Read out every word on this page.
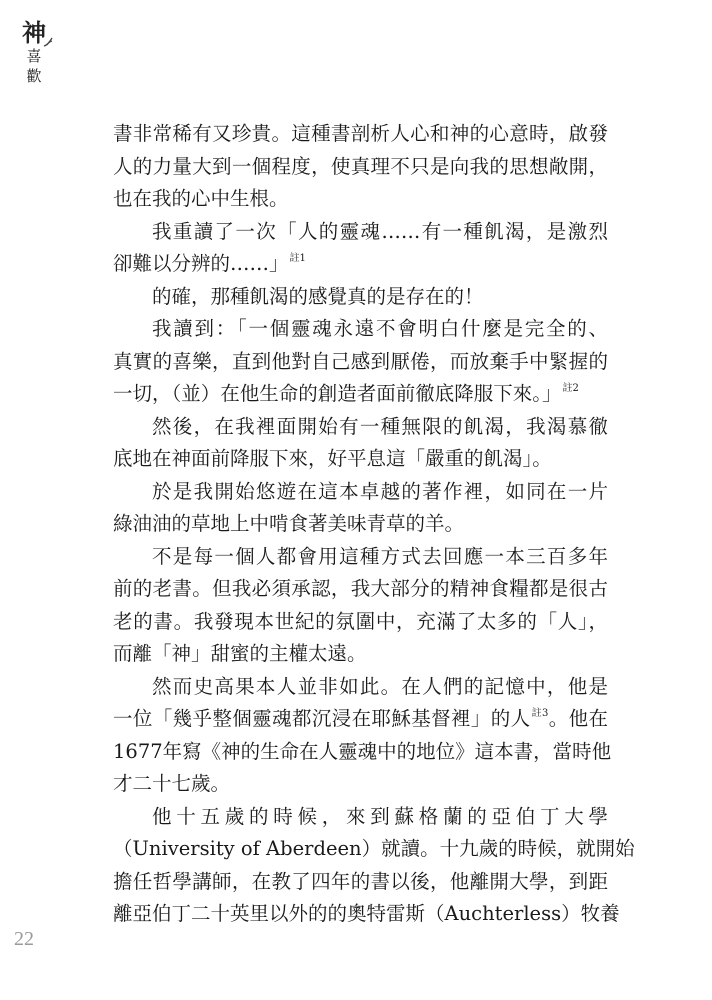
神
喜
歡
22
書非常稀有又珍貴。這種書剖析人心和神的心意時，啟發
人的力量大到一個程度，使真理不只是向我的思想敞開，
也在我的心中生根。
我重讀了一次「人的靈魂……有一種飢渴，是激烈
卻難以分辨的……」$^{註1}$
的確，那種飢渴的感覺真的是存在的！
我讀到：「一個靈魂永遠不會明白什麼是完全的、
真實的喜樂，直到他對自己感到厭倦，而放棄手中緊握的
一切，（並）在他生命的創造者面前徹底降服下來。」$^{註2}$
然後，在我裡面開始有一種無限的飢渴，我渴慕徹
底地在神面前降服下來，好平息這「嚴重的飢渴」。
於是我開始悠遊在這本卓越的著作裡，如同在一片
綠油油的草地上中啃食著美味青草的羊。
不是每一個人都會用這種方式去回應一本三百多年
前的老書。但我必須承認，我大部分的精神食糧都是很古
老的書。我發現本世紀的氛圍中，充滿了太多的「人」，
而離「神」甜蜜的主權太遠。
然而史高果本人並非如此。在人們的記憶中，他是
一位「幾乎整個靈魂都沉浸在耶穌基督裡」的人$^{註3}$。他在
1677年寫《神的生命在人靈魂中的地位》這本書，當時他
才二十七歲。
他十五歲的時候，來到蘇格蘭的亞伯丁大學
（University of Aberdeen）就讀。十九歲的時候，就開始
擔任哲學講師，在教了四年的書以後，他離開大學，到距
離亞伯丁二十英里以外的的奧特雷斯（Auchterless）牧養
